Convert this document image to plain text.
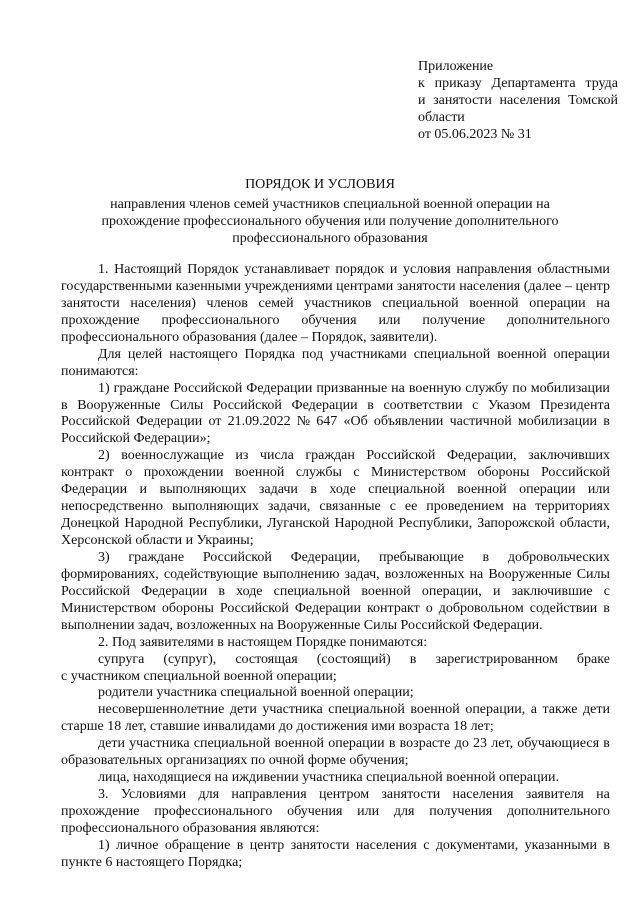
Приложение
к приказу Департамента труда
и занятости населения Томской
области
от 05.06.2023 № 31
ПОРЯДОК И УСЛОВИЯ
направления членов семей участников специальной военной операции на
прохождение профессионального обучения или получение дополнительного
профессионального образования
1. Настоящий Порядок устанавливает порядок и условия направления областными
государственными казенными учреждениями центрами занятости населения (далее – центр
занятости населения) членов семей участников специальной военной операции на
прохождение профессионального обучения или получение дополнительного
профессионального образования (далее – Порядок, заявители).
Для целей настоящего Порядка под участниками специальной военной операции
понимаются:
1) граждане Российской Федерации призванные на военную службу по мобилизации
в Вооруженные Силы Российской Федерации в соответствии с Указом Президента
Российской Федерации от 21.09.2022 № 647 «Об объявлении частичной мобилизации в
Российской Федерации»;
2) военнослужащие из числа граждан Российской Федерации, заключивших
контракт о прохождении военной службы с Министерством обороны Российской
Федерации и выполняющих задачи в ходе специальной военной операции или
непосредственно выполняющих задачи, связанные с ее проведением на территориях
Донецкой Народной Республики, Луганской Народной Республики, Запорожской области,
Херсонской области и Украины;
3) граждане Российской Федерации, пребывающие в добровольческих
формированиях, содействующие выполнению задач, возложенных на Вооруженные Силы
Российской Федерации в ходе специальной военной операции, и заключившие с
Министерством обороны Российской Федерации контракт о добровольном содействии в
выполнении задач, возложенных на Вооруженные Силы Российской Федерации.
2. Под заявителями в настоящем Порядке понимаются:
супруга (супруг), состоящая (состоящий) в зарегистрированном браке
с участником специальной военной операции;
родители участника специальной военной операции;
несовершеннолетние дети участника специальной военной операции, а также дети
старше 18 лет, ставшие инвалидами до достижения ими возраста 18 лет;
дети участника специальной военной операции в возрасте до 23 лет, обучающиеся в
образовательных организациях по очной форме обучения;
лица, находящиеся на иждивении участника специальной военной операции.
3. Условиями для направления центром занятости населения заявителя на
прохождение профессионального обучения или для получения дополнительного
профессионального образования являются:
1) личное обращение в центр занятости населения с документами, указанными в
пункте 6 настоящего Порядка;
